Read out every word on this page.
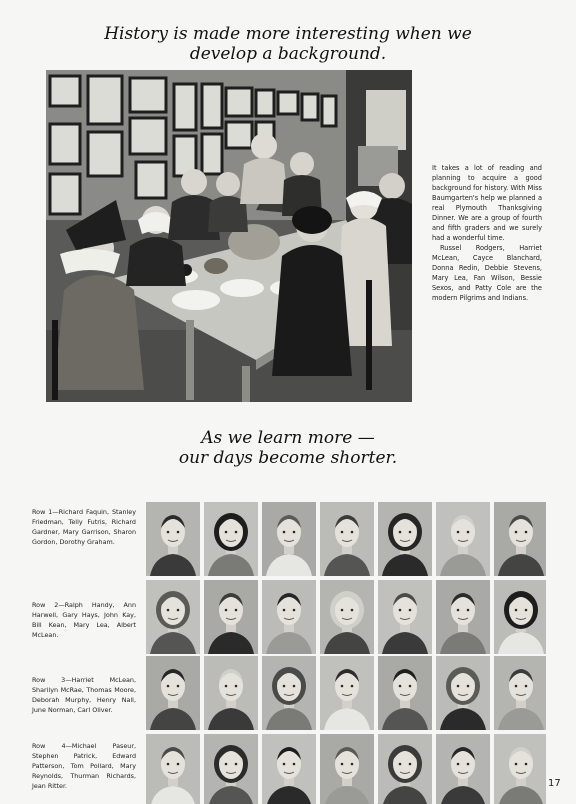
History is made more interesting when we
develop a background.

It takes a lot of reading and planning to acquire a good background for history. With Miss Baumgarten's help we planned a real Plymouth Thanksgiving Dinner. We are a group of fourth and fifth graders and we surely had a wonderful time.

Russel Rodgers, Harriet McLean, Cayce Blanchard, Donna Redin, Debbie Stevens, Mary Lea, Fan Wilson, Bessie Sexos, and Patty Cole are the modern Pilgrims and Indians.

As we learn more —
our days become shorter.
Row 1—Richard Faquin, Stanley Friedman, Telly Futris, Richard Gardner, Mary Garrison, Sharon Gordon, Dorothy Graham.
Row 2—Ralph Handy, Ann Harwell, Gary Hays, John Kay, Bill Kean, Mary Lea, Albert McLean.
Row 3—Harriet McLean, Sharilyn McRae, Thomas Moore, Deborah Murphy, Henry Nall, June Norman, Carl Oliver.
Row 4—Michael Paseur, Stephen Patrick, Edward Patterson, Tom Pollard, Mary Reynolds, Thurman Richards, Jean Ritter.	17
